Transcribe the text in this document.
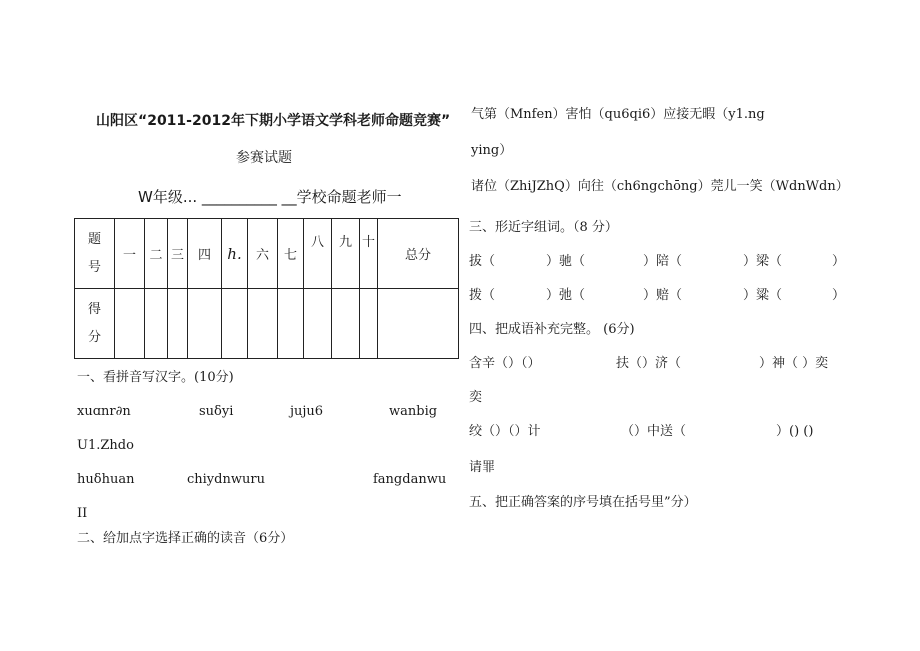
山阳区“2011-2012年下期小学语文学科老师命题竞赛”
参赛试题
W年级... __________ __学校命题老师一
题
号	一	二	三	四	h.	六	七	八	九	十	总分

得
分											

一、看拼音写汉字。(10分)
xuɑnr∂n	suδyi	juju6	wanbig
U1.Zhdo
huδhuan	chiydnwuru	fangdanwu
II
二、给加点字选择正确的读音（6分）
气第（Mnfen）害怕（qu6qi6）应接无暇（y1.ng
ying）
诸位（ZhiJZhQ）向往（ch6ngchōng）莞儿一笑（WdnWdn）
三、形近字组词。（8 分）
拔（	）驰（	）陪（	）梁（	）
拨（	）弛（	）赔（	）粱（	）
四、把成语补充完整。 (6分)
含辛（）（）	扶（）济（	）神（ ）奕
奕
绞（）（）计	（）中送（	）() ()
请罪
五、把正确答案的序号填在括号里”分）
